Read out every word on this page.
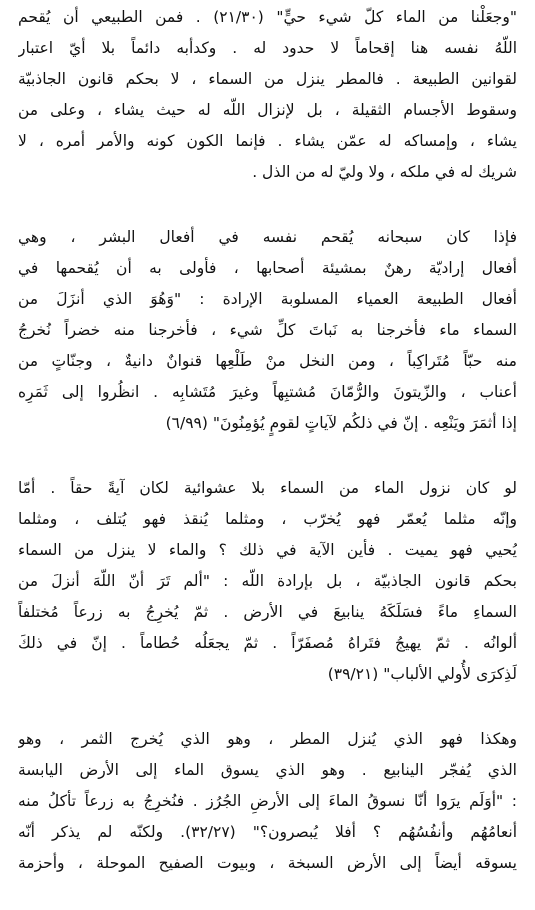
"وجعَلْنا من الماء كلّ شيء حيٍّ" (٢١/٣٠) . فمن الطبيعي أن يُقحم
اللّهُ نفسه هنا إقحاماً لا حدود له . وكدأبه دائماً بلا أيّ اعتبار
لقوانين الطبيعة . فالمطر ينزل من السماء ، لا بحكم قانون الجاذبيّة
وسقوط الأجسام الثقيلة ، بل لإنزال اللّه له حيث يشاء ، وعلى من
يشاء ، وإمساكه له عمّن يشاء . فإنما الكون كونه والأمر أمره ، لا
شريك له في ملكه ، ولا وليّ له من الذل .
فإذا كان سبحانه يُقحم نفسه في أفعال البشر ، وهي
أفعال إراديّة رهنٌ بمشيئة أصحابها ، فأولى به أن يُقحمها في
أفعال الطبيعة العمياء المسلوبة الإرادة : "وَهُوَ الذي أنزَلَ من
السماء ماء فأخرجنا به نَباتَ كلِّ شيء ، فأخرجنا منه خضراً نُخرجُ
منه حبّاً مُتَراكِباً ، ومن النخل منْ طَلْعِها قنوانٌ دانيةٌ ، وجنّاتٍ من
أعناب ، والزّيتونَ والرُّمّانَ مُشتبِهاً وغيرَ مُتَشابِه . انظُروا إلى ثَمَرِه
إذا أثمَرَ ويَنْعِه . إنّ في ذلكُم لآياتٍ لقومٍ يُؤمِنُونَ" (٦/٩٩)
لو كان نزول الماء من السماء بلا عشوائية لكان آيةً حقاً . أمّا
وإنّه مثلما يُعمّر فهو يُخرّب ، ومثلما يُنقذ فهو يُتلف ، ومثلما
يُحيي فهو يميت . فأين الآية في ذلك ؟ والماء لا ينزل من السماء
بحكم قانون الجاذبيّة ، بل بإرادة اللّه : "ألم تَرَ أنّ اللّهَ أنزلَ من
السماءِ ماءً فسَلَكَهُ ينابيعَ في الأرض . ثمّ يُخرِجُ به زرعاً مُختلفاً
ألوانُه . ثمّ يهيجُ فتَراهُ مُصفَرّاً . ثمّ يجعَلُه حُطاماً . إنّ في ذلكَ
لَذِكرَى لأُولي الألباب" (٣٩/٢١)
وهكذا فهو الذي يُنزل المطر ، وهو الذي يُخرج الثمر ، وهو
الذي يُفجّر الينابيع . وهو الذي يسوق الماء إلى الأرض اليابسة
: "أوَلَم يرَوا أنّا نسوقُ الماءَ إلى الأرضِ الجُرُز . فنُخرِجُ به زرعاً تأكلُ منه
أنعامُهُم وأنفُسُهُم ؟ أفلا يُبصرون؟" (٣٢/٢٧). ولكنّه لم يذكر أنّه
يسوقه أيضاً إلى الأرض السبخة ، وبيوت الصفيح الموحلة ، وأحزمة
